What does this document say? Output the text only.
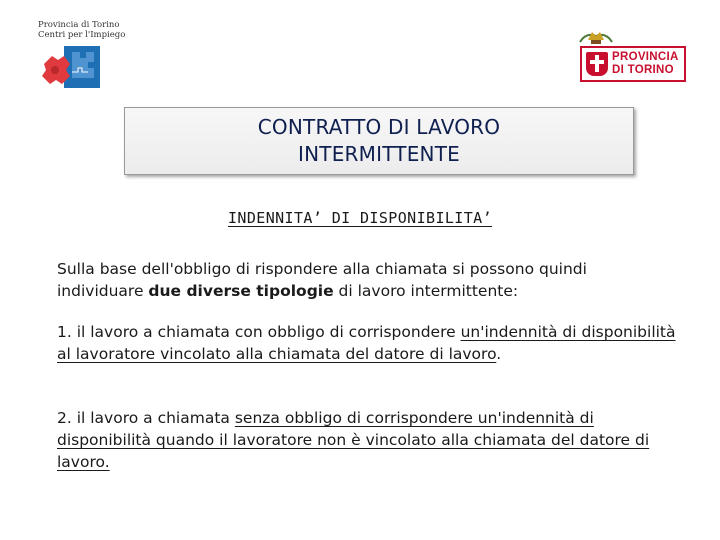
Provincia di Torino
Centri per l'Impiego
PROVINCIA
DI TORINO
CONTRATTO DI LAVORO
INTERMITTENTE
INDENNITA’ DI DISPONIBILITA’
Sulla base dell'obbligo di rispondere alla chiamata si possono quindi individuare due diverse tipologie di lavoro intermittente:
1. il lavoro a chiamata con obbligo di corrispondere un'indennità di disponibilità al lavoratore vincolato alla chiamata del datore di lavoro.
2. il lavoro a chiamata senza obbligo di corrispondere un'indennità di disponibilità quando il lavoratore non è vincolato alla chiamata del datore di lavoro.
